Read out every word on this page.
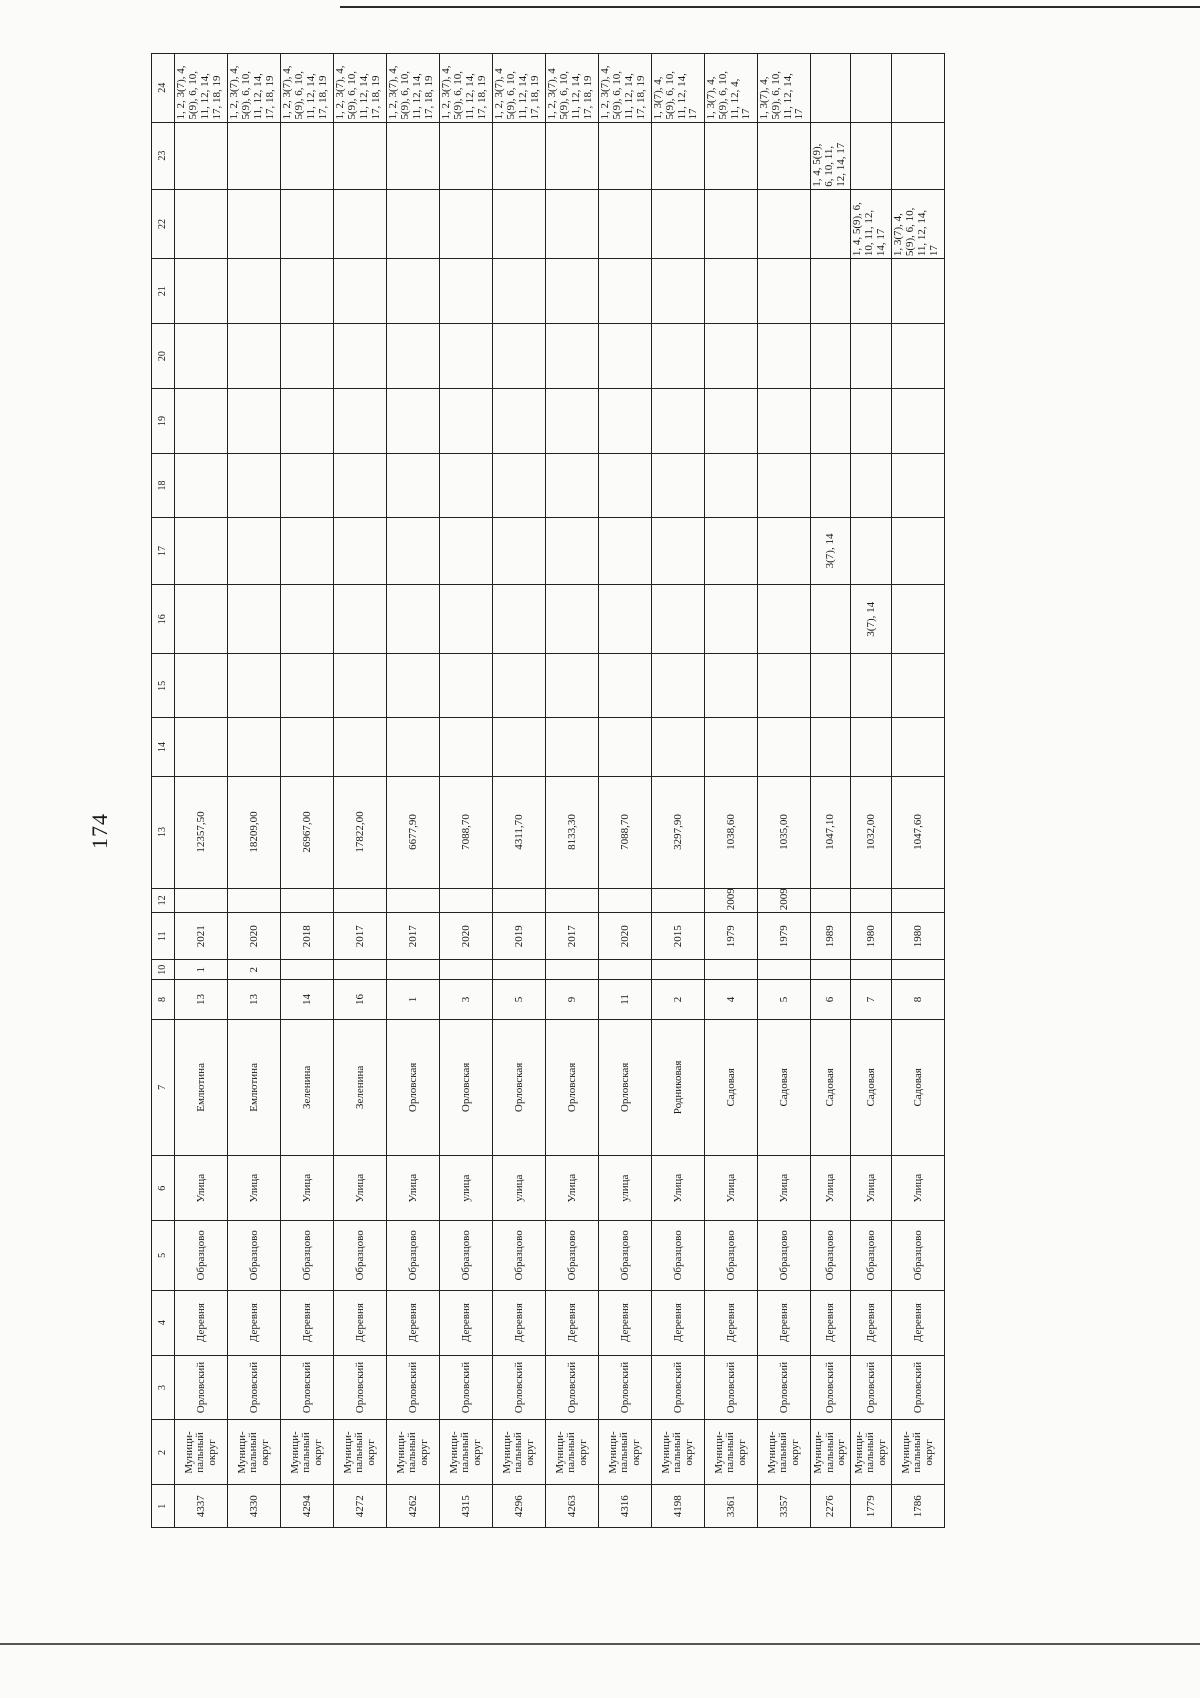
174
1	2	3	4	5	6	7	8	10	11	12	13	14	15	16	17	18	19	20	21	22	23	24
4337	Муници-
пальный
округ	Орловский	Деревня	Образцово	Улица	Емлютина	13	1	2021		12357,50											1, 2, 3(7), 4,
5(9), 6, 10,
11, 12, 14,
17, 18, 19
4330	Муници-
пальный
округ	Орловский	Деревня	Образцово	Улица	Емлютина	13	2	2020		18209,00											1, 2, 3(7), 4,
5(9), 6, 10,
11, 12, 14,
17, 18, 19
4294	Муници-
пальный
округ	Орловский	Деревня	Образцово	Улица	Зеленина	14		2018		26967,00											1, 2, 3(7), 4,
5(9), 6, 10,
11, 12, 14,
17, 18, 19
4272	Муници-
пальный
округ	Орловский	Деревня	Образцово	Улица	Зеленина	16		2017		17822,00											1, 2, 3(7), 4,
5(9), 6, 10,
11, 12, 14,
17, 18, 19
4262	Муници-
пальный
округ	Орловский	Деревня	Образцово	Улица	Орловская	1		2017		6677,90											1, 2, 3(7), 4,
5(9), 6, 10,
11, 12, 14,
17, 18, 19
4315	Муници-
пальный
округ	Орловский	Деревня	Образцово	улица	Орловская	3		2020		7088,70											1, 2, 3(7), 4,
5(9), 6, 10,
11, 12, 14,
17, 18, 19
4296	Муници-
пальный
округ	Орловский	Деревня	Образцово	улица	Орловская	5		2019		4311,70											1, 2, 3(7), 4
5(9), 6, 10,
11, 12, 14,
17, 18, 19
4263	Муници-
пальный
округ	Орловский	Деревня	Образцово	Улица	Орловская	9		2017		8133,30											1, 2, 3(7), 4
5(9), 6, 10,
11, 12, 14,
17, 18, 19
4316	Муници-
пальный
округ	Орловский	Деревня	Образцово	улица	Орловская	11		2020		7088,70											1, 2, 3(7), 4,
5(9), 6, 10,
11, 12, 14,
17, 18, 19
4198	Муници-
пальный
округ	Орловский	Деревня	Образцово	Улица	Родниковая	2		2015		3297,90											1, 3(7), 4,
5(9), 6, 10,
11, 12, 14,
17
3361	Муници-
пальный
округ	Орловский	Деревня	Образцово	Улица	Садовая	4		1979	2009	1038,60											1, 3(7), 4,
5(9), 6, 10,
11, 12, 4,
17
3357	Муници-
пальный
округ	Орловский	Деревня	Образцово	Улица	Садовая	5		1979	2009	1035,00											1, 3(7), 4,
5(9), 6, 10,
11, 12, 14,
17
2276	Муници-
пальный
округ	Орловский	Деревня	Образцово	Улица	Садовая	6		1989		1047,10				3(7), 14						1, 4, 5(9),
6, 10, 11,
12, 14, 17	
1779	Муници-
пальный
округ	Орловский	Деревня	Образцово	Улица	Садовая	7		1980		1032,00			3(7), 14						1, 4, 5(9), 6,
10, 11, 12,
14, 17		
1786	Муници-
пальный
округ	Орловский	Деревня	Образцово	Улица	Садовая	8		1980		1047,60									1, 3(7), 4,
5(9), 6, 10,
11, 12, 14,
17		
